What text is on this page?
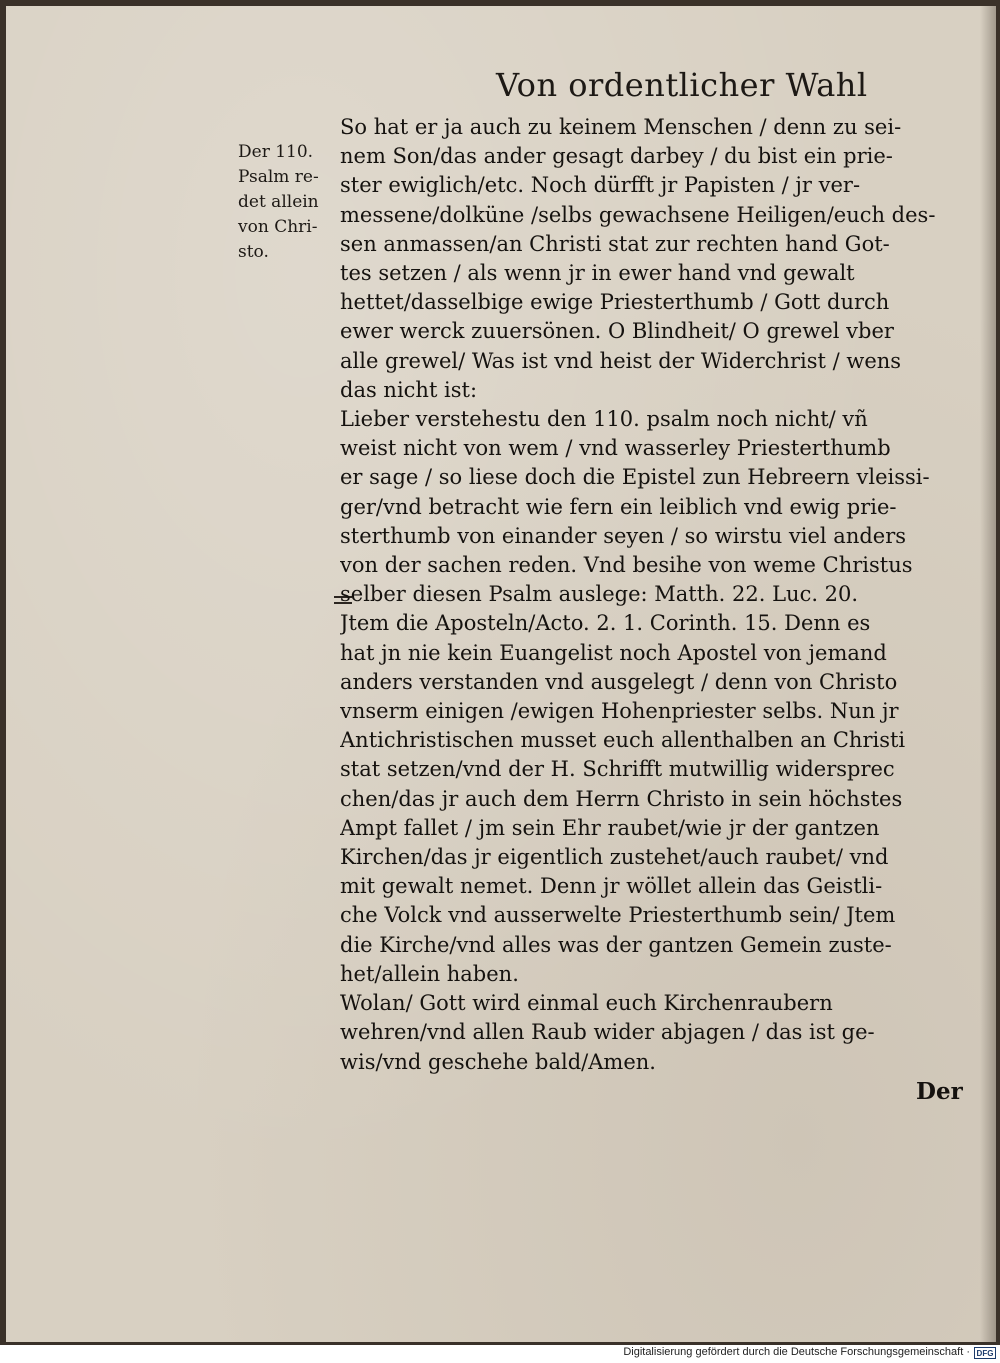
Von ordentlicher Wahl
Der 110.
Psalm re-
det allein
von Chri-
sto.
So hat er ja auch zu keinem Menschen / denn zu sei-
nem Son/das ander gesagt darbey / du bist ein prie-
ster ewiglich/etc. Noch dürfft jr Papisten / jr ver-
messene/dolküne /selbs gewachsene Heiligen/euch des-
sen anmassen/an Christi stat zur rechten hand Got-
tes setzen / als wenn jr in ewer hand vnd gewalt
hettet/dasselbige ewige Priesterthumb / Gott durch
ewer werck zuuersönen. O Blindheit/ O grewel vber
alle grewel/ Was ist vnd heist der Widerchrist / wens
das nicht ist:
Lieber verstehestu den 110. psalm noch nicht/ vñ
weist nicht von wem / vnd wasserley Priesterthumb
er sage / so liese doch die Epistel zun Hebreern vleissi-
ger/vnd betracht wie fern ein leiblich vnd ewig prie-
sterthumb von einander seyen / so wirstu viel anders
von der sachen reden. Vnd besihe von weme Christus
selber diesen Psalm auslege: Matth. 22. Luc. 20.
Jtem die Aposteln/Acto. 2. 1. Corinth. 15. Denn es
hat jn nie kein Euangelist noch Apostel von jemand
anders verstanden vnd ausgelegt / denn von Christo
vnserm einigen /ewigen Hohenpriester selbs. Nun jr
Antichristischen musset euch allenthalben an Christi
stat setzen/vnd der H. Schrifft mutwillig widersprec
chen/das jr auch dem Herrn Christo in sein höchstes
Ampt fallet / jm sein Ehr raubet/wie jr der gantzen
Kirchen/das jr eigentlich zustehet/auch raubet/ vnd
mit gewalt nemet. Denn jr wöllet allein das Geistli-
che Volck vnd ausserwelte Priesterthumb sein/ Jtem
die Kirche/vnd alles was der gantzen Gemein zuste-
het/allein haben.
Wolan/ Gott wird einmal euch Kirchenraubern
wehren/vnd allen Raub wider abjagen / das ist ge-
wis/vnd geschehe bald/Amen.
Der
Digitalisierung gefördert durch die Deutsche Forschungsgemeinschaft · DFG
